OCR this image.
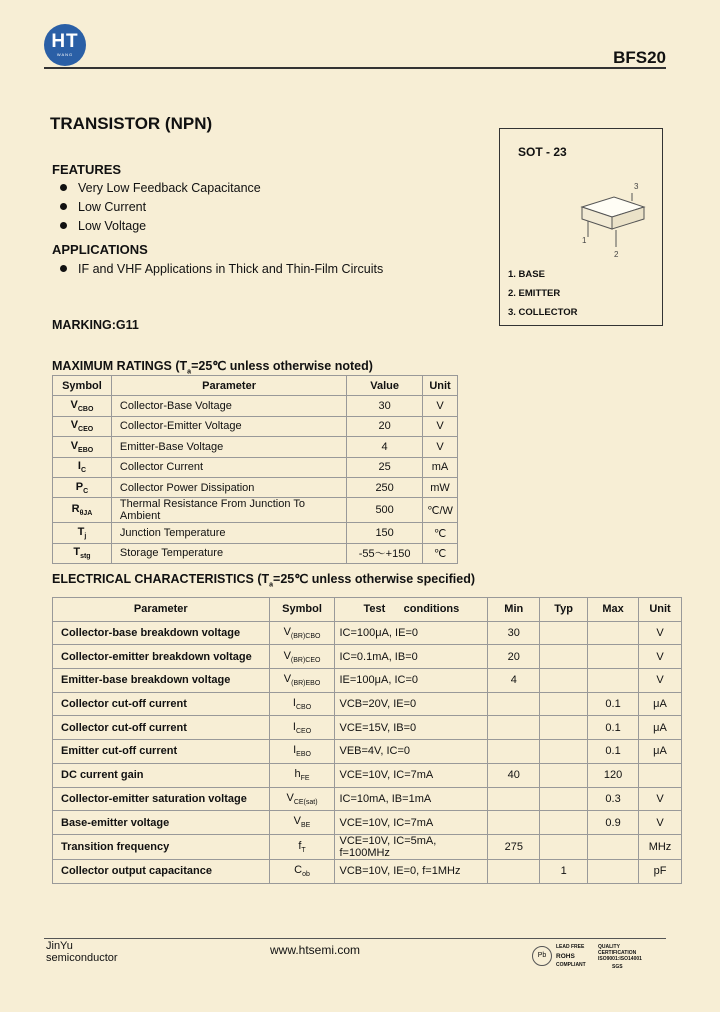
HT
WANG	BFS20
TRANSISTOR (NPN)
FEATURES
Very Low Feedback Capacitance
Low Current
Low Voltage
APPLICATIONS
IF and VHF Applications in Thick and Thin-Film Circuits
MARKING:G11
SOT - 23
1
2
3
1. BASE
2. EMITTER
3. COLLECTOR
MAXIMUM RATINGS ($T_a=25℃$ unless otherwise noted)
Symbol	Parameter	Value	Unit
$V_{CBO}$	Collector-Base Voltage	30	V
$V_{CEO}$	Collector-Emitter Voltage	20	V
$V_{EBO}$	Emitter-Base Voltage	4	V
$I_C$	Collector Current	25	mA
$P_C$	Collector Power Dissipation	250	mW
$R_{\theta JA}$	Thermal Resistance From Junction To Ambient	500	℃/W
$T_j$	Junction Temperature	150	℃
$T_{stg}$	Storage Temperature	-55～+150	℃
ELECTRICAL CHARACTERISTICS ($T_a=25℃$ unless otherwise specified)
Parameter	Symbol	Test      conditions	Min	Typ	Max	Unit
Collector-base breakdown voltage	$V_{(BR)CBO}$	IC=100μA, IE=0	30			V
Collector-emitter breakdown voltage	$V_{(BR)CEO}$	IC=0.1mA, IB=0	20			V
Emitter-base breakdown voltage	$V_{(BR)EBO}$	IE=100μA, IC=0	4			V
Collector cut-off current	$I_{CBO}$	VCB=20V, IE=0			0.1	μA
Collector cut-off current	$I_{CEO}$	VCE=15V, IB=0			0.1	μA
Emitter cut-off current	$I_{EBO}$	VEB=4V, IC=0			0.1	μA
DC current gain	$h_{FE}$	VCE=10V, IC=7mA	40		120	
Collector-emitter saturation voltage	$V_{CE(sat)}$	IC=10mA, IB=1mA			0.3	V
Base-emitter voltage	$V_{BE}$	VCE=10V, IC=7mA			0.9	V
Transition frequency	$f_T$	VCE=10V, IC=5mA, f=100MHz	275			MHz
Collector output capacitance	$C_{ob}$	VCB=10V, IE=0, f=1MHz		1		pF
JinYu
semiconductor
www.htsemi.com	Pb
LEAD FREE
ROHS
COMPLIANT
QUALITY CERTIFICATION
ISO9001:ISO14001
SGS
